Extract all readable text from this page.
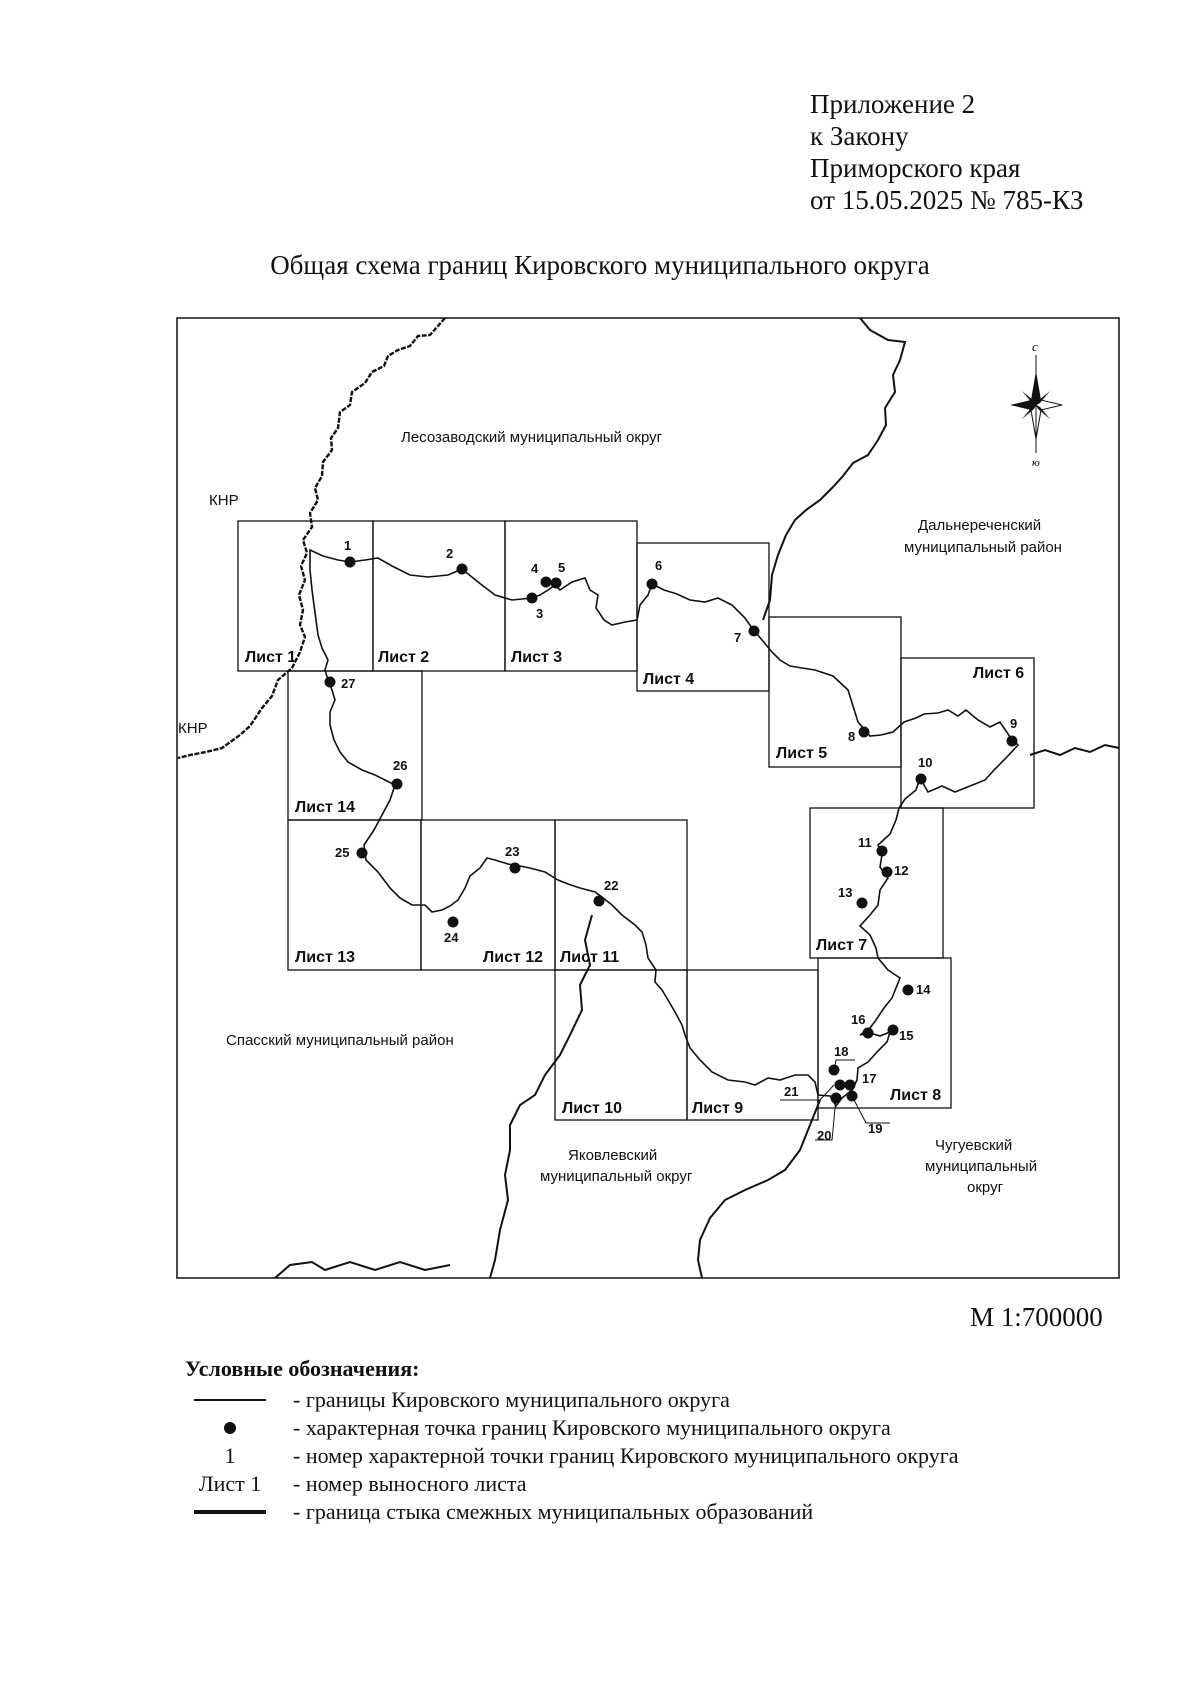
Приложение 2
к Закону
Приморского края
от 15.05.2025 № 785-КЗ
Общая схема границ Кировского муниципального округа
1
2
3
4 5	6
7
8
9
10
11
12
13
14
15
16
17
18
19
20
21
22
23
24
25
26
27
Лист 1	Лист 2	Лист 3
Лист 4
Лист 5
Лист 6
Лист 7
Лист 8
Лист 9
Лист 10
Лист 11
Лист 12
Лист 13
Лист 14
Лесозаводский муниципальный округ
КНР
Дальнереченский
муниципальный район
КНР
Спасский муниципальный район
Яковлевский
муниципальный округ
Чугуевский
муниципальный
округ
с
ю
М 1:700000
Условные обозначения:
- границы Кировского муниципального округа
- характерная точка границ Кировского муниципального округа
1	- номер характерной точки границ Кировского муниципального округа
Лист 1	- номер выносного листа
- граница стыка смежных муниципальных образований
